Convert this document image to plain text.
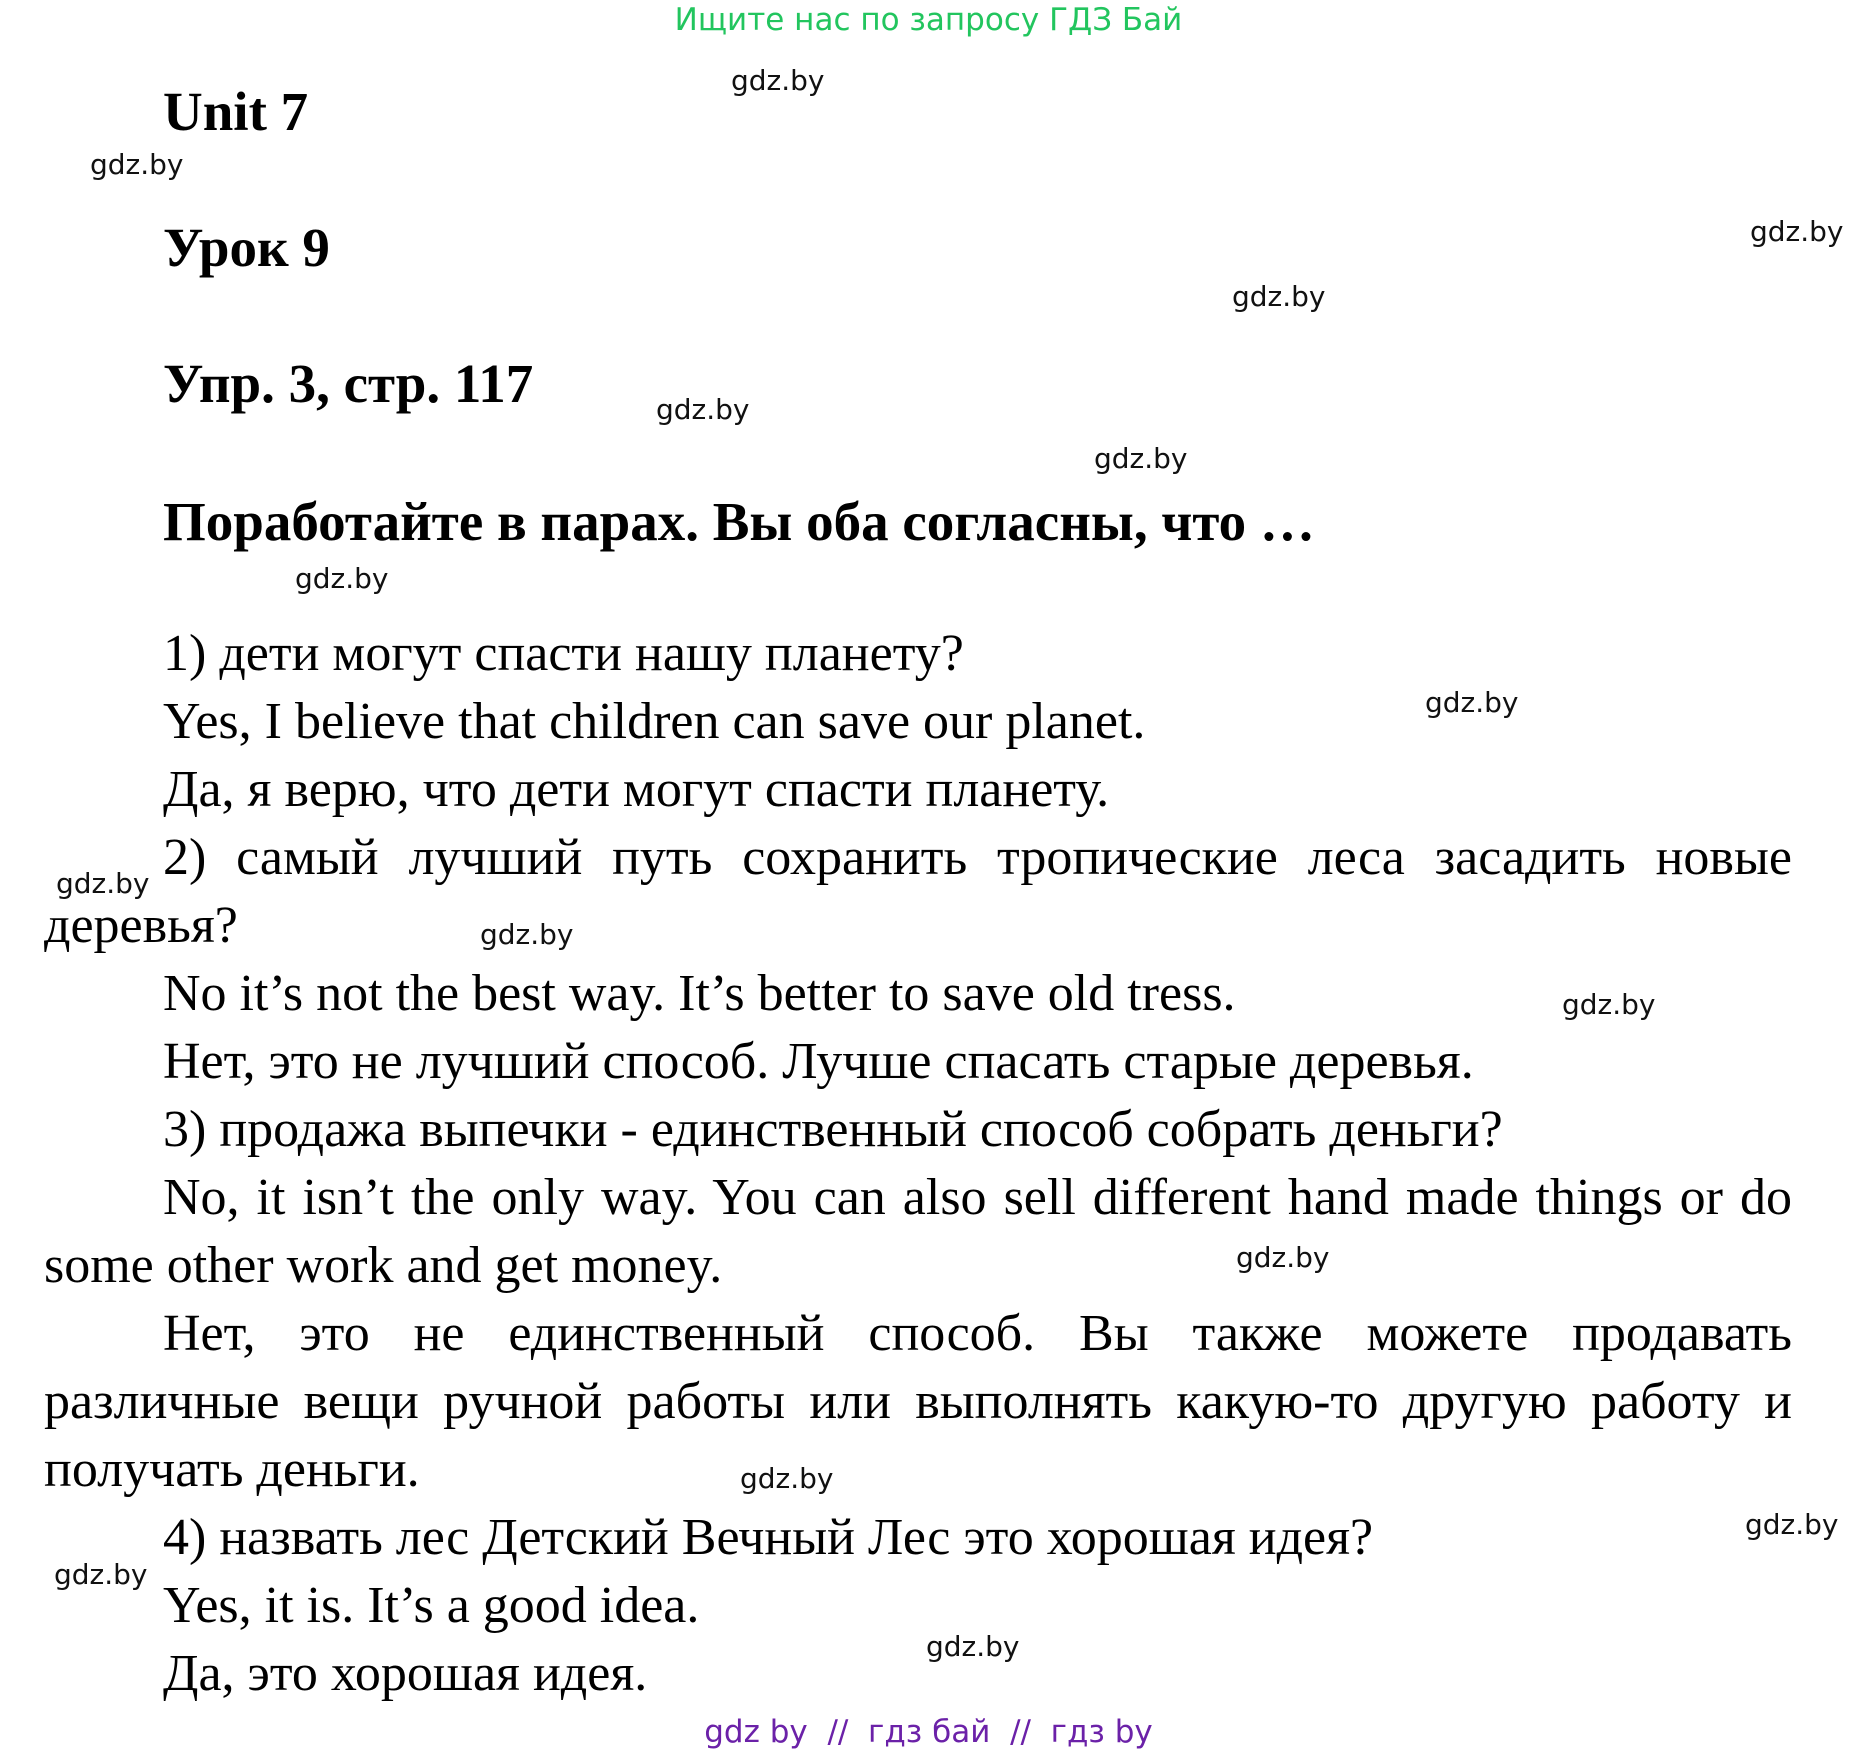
Ищите нас по запросу ГДЗ Бай
Unit 7
Урок 9
Упр. 3, стр. 117
Поработайте в парах. Вы оба согласны, что …

1) дети могут спасти нашу планету?

Yes, I believe that children can save our planet.

Да, я верю, что дети могут спасти планету.

2) самый лучший путь сохранить тропические леса засадить новые деревья?

No it’s not the best way. It’s better to save old tress.

Нет, это не лучший способ. Лучше спасать старые деревья.

3) продажа выпечки - единственный способ собрать деньги?

No, it isn’t the only way. You can also sell different hand made things or do some other work and get money.

Нет, это не единственный способ. Вы также можете продавать различные вещи ручной работы или выполнять какую-то другую работу и получать деньги.

4) назвать лес Детский Вечный Лес это хорошая идея?

Yes, it is. It’s a good idea.

Да, это хорошая идея.

gdz.by
gdz.by
gdz.by
gdz.by
gdz.by
gdz.by
gdz.by
gdz.by
gdz.by
gdz.by
gdz.by
gdz.by
gdz.by
gdz.by
gdz.by
gdz.by
gdz by  //  гдз бай  //  гдз by
